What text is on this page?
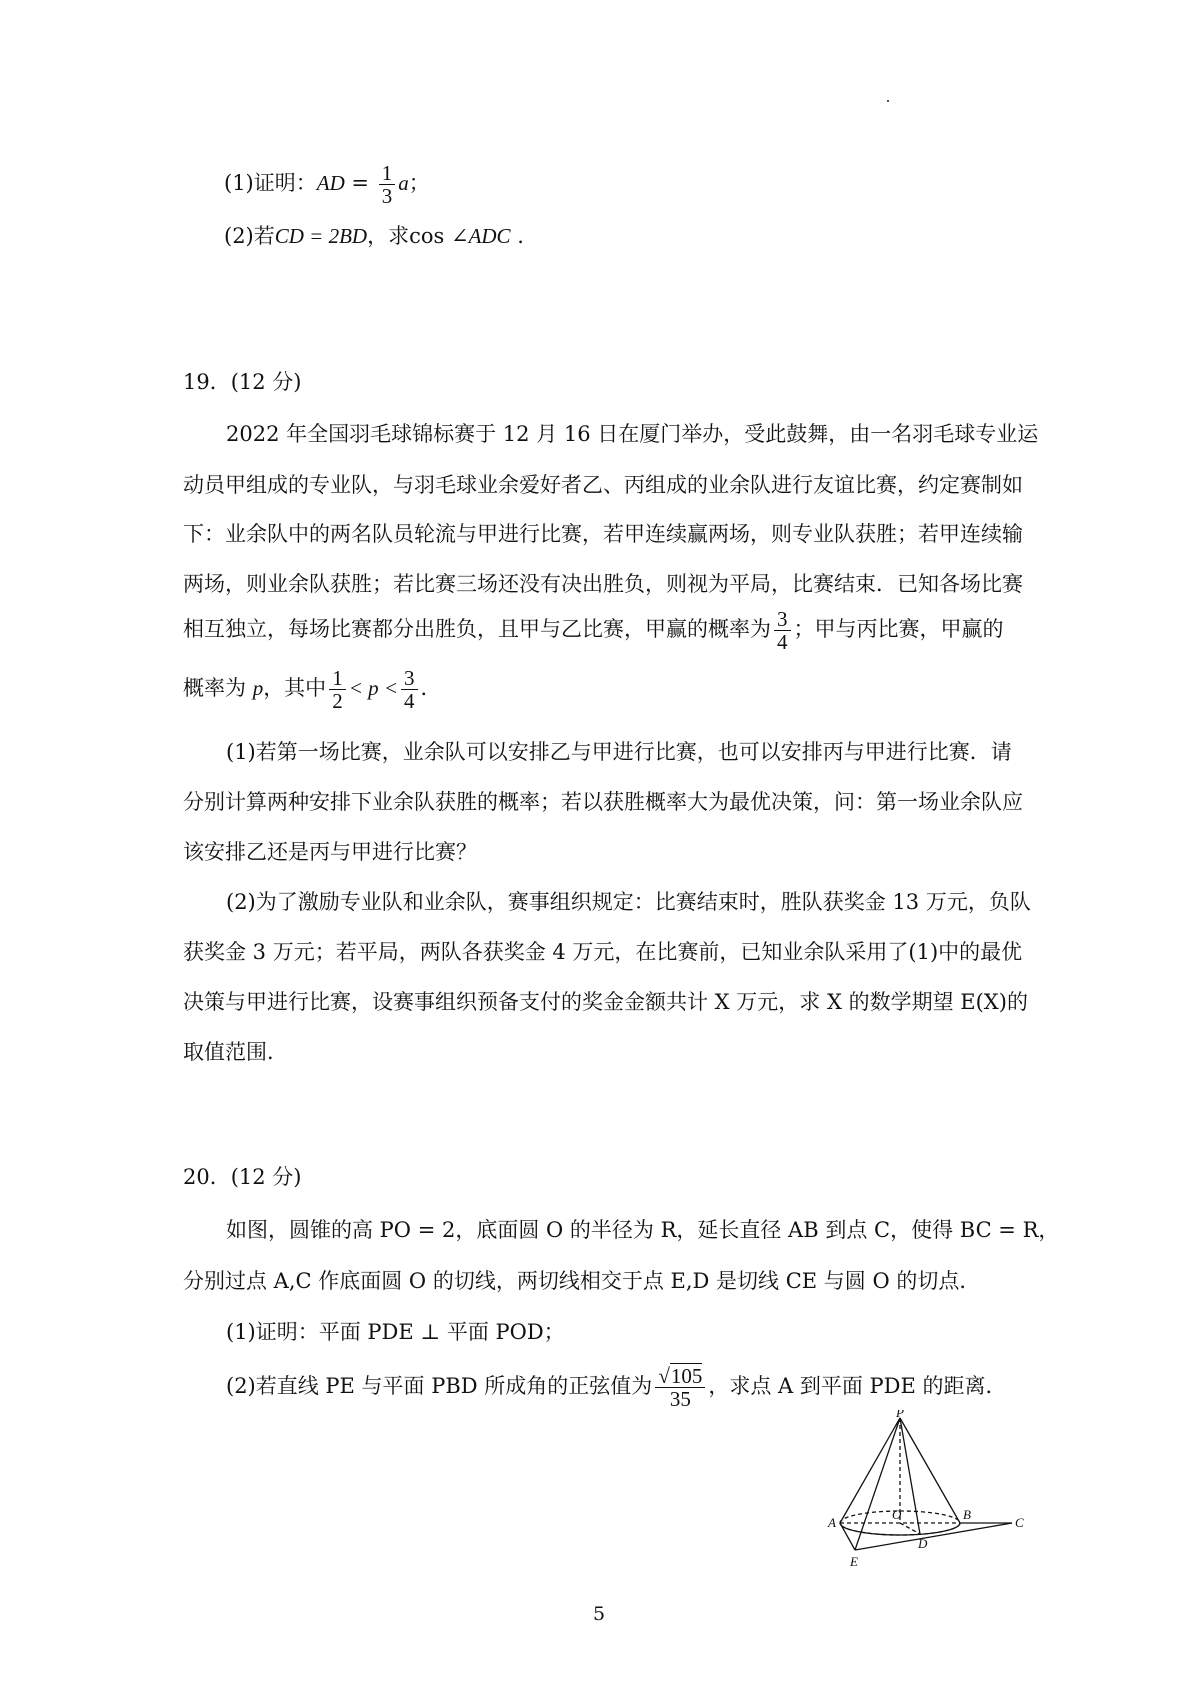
(1)证明：AD = $\frac{1}{3}$ a；
(2)若CD = 2BD，求cos ∠ADC .
19．(12 分)
2022 年全国羽毛球锦标赛于 12 月 16 日在厦门举办，受此鼓舞，由一名羽毛球专业运
动员甲组成的专业队，与羽毛球业余爱好者乙、丙组成的业余队进行友谊比赛，约定赛制如
下：业余队中的两名队员轮流与甲进行比赛，若甲连续赢两场，则专业队获胜；若甲连续输
两场，则业余队获胜；若比赛三场还没有决出胜负，则视为平局，比赛结束．已知各场比赛
相互独立，每场比赛都分出胜负，且甲与乙比赛，甲赢的概率为 $\frac{3}{4}$ ；甲与丙比赛，甲赢的
概率为 p，其中 $\frac{1}{2} < p < \frac{3}{4}$ ．
(1)若第一场比赛，业余队可以安排乙与甲进行比赛，也可以安排丙与甲进行比赛．请
分别计算两种安排下业余队获胜的概率；若以获胜概率大为最优决策，问：第一场业余队应
该安排乙还是丙与甲进行比赛？
(2)为了激励专业队和业余队，赛事组织规定：比赛结束时，胜队获奖金 13 万元，负队
获奖金 3 万元；若平局，两队各获奖金 4 万元，在比赛前，已知业余队采用了(1)中的最优
决策与甲进行比赛，设赛事组织预备支付的奖金金额共计 X 万元，求 X 的数学期望 E(X)的
取值范围．
20．(12 分)
如图，圆锥的高 PO = 2，底面圆 O 的半径为 R，延长直径 AB 到点 C，使得 BC = R，
分别过点 A,C 作底面圆 O 的切线，两切线相交于点 E,D 是切线 CE 与圆 O 的切点．
(1)证明：平面 PDE ⊥ 平面 POD；
(2)若直线 PE 与平面 PBD 所成角的正弦值为 $\frac{√105}{35}$ ，求点 A 到平面 PDE 的距离．
P
O
A
B
C
D
E
5
